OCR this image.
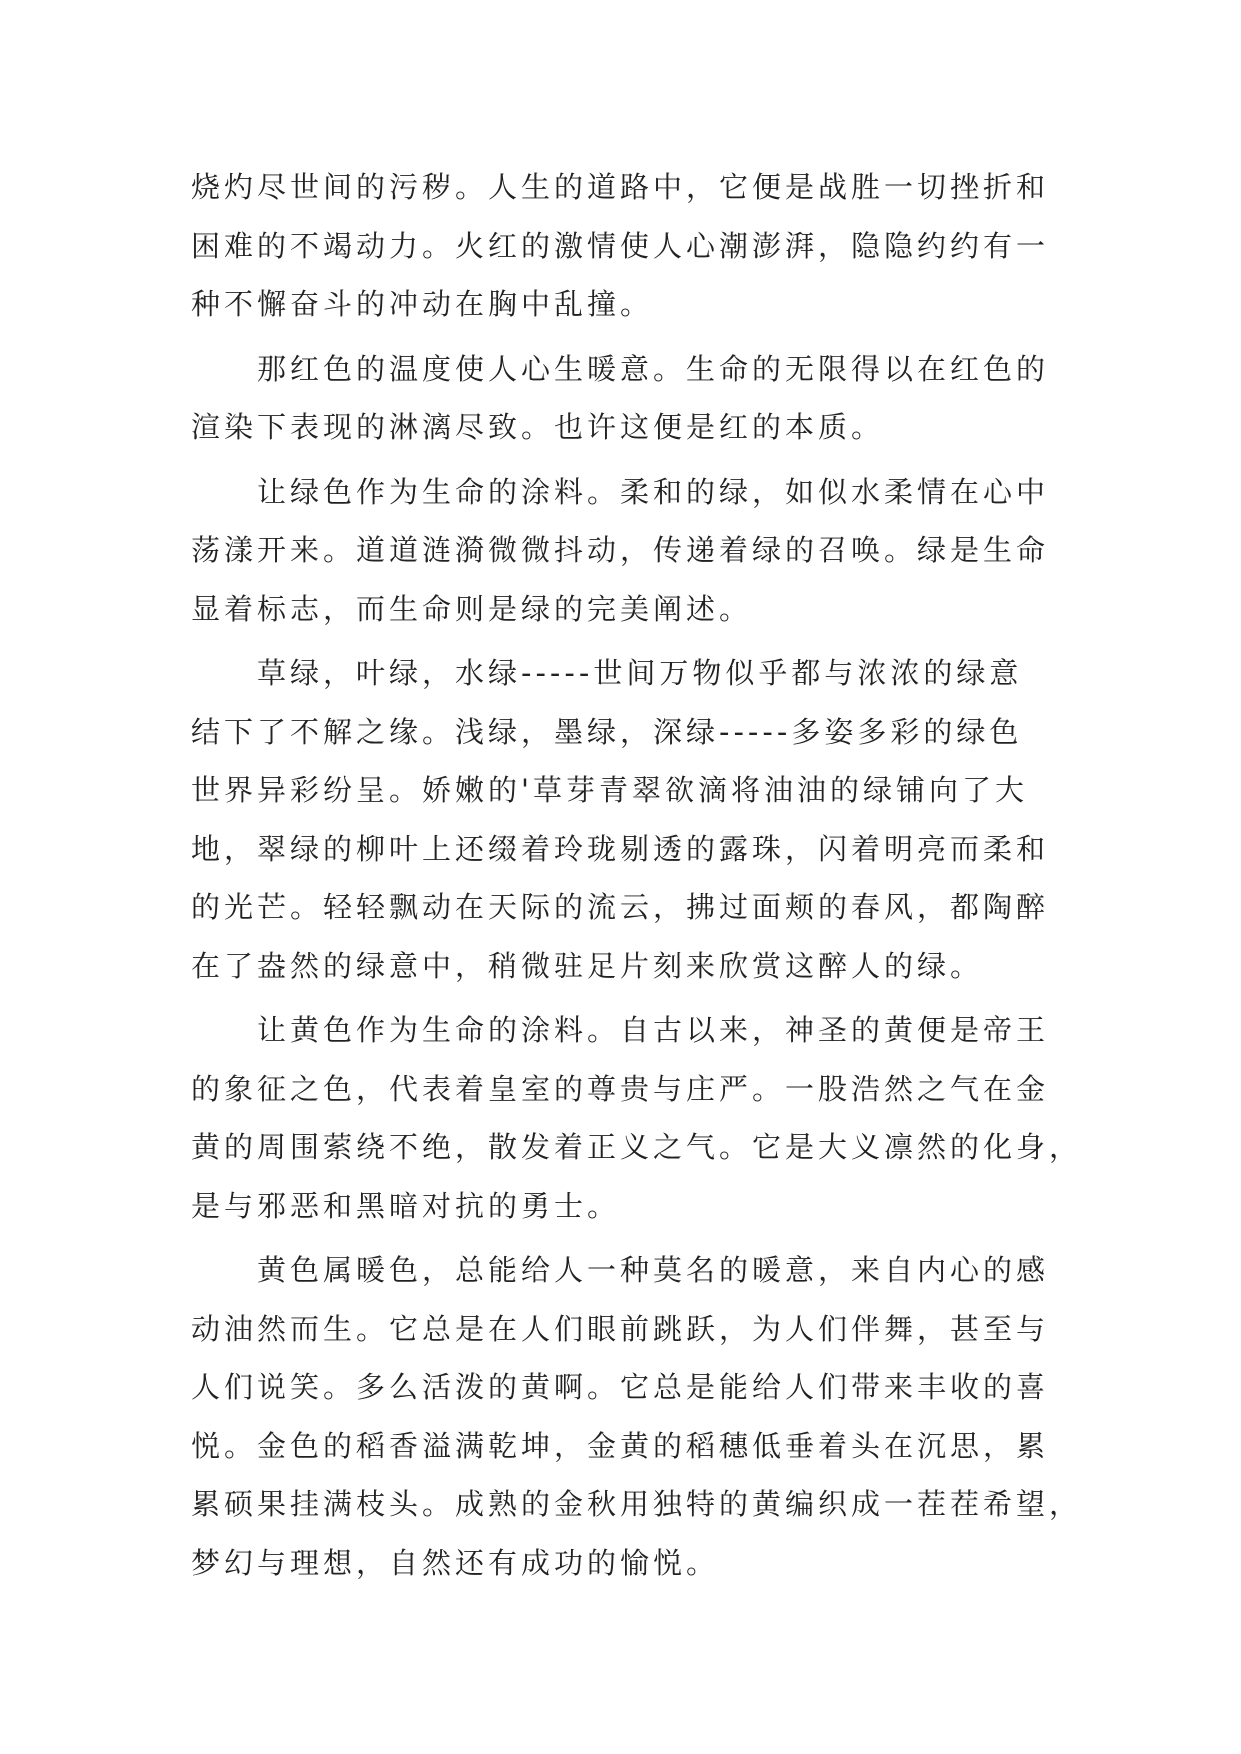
烧灼尽世间的污秽。人生的道路中，它便是战胜一切挫折和
困难的不竭动力。火红的激情使人心潮澎湃，隐隐约约有一
种不懈奋斗的冲动在胸中乱撞。
那红色的温度使人心生暖意。生命的无限得以在红色的
渲染下表现的淋漓尽致。也许这便是红的本质。
让绿色作为生命的涂料。柔和的绿，如似水柔情在心中
荡漾开来。道道涟漪微微抖动，传递着绿的召唤。绿是生命
显着标志，而生命则是绿的完美阐述。
草绿，叶绿，水绿-----世间万物似乎都与浓浓的绿意
结下了不解之缘。浅绿，墨绿，深绿-----多姿多彩的绿色
世界异彩纷呈。娇嫩的'草芽青翠欲滴将油油的绿铺向了大
地，翠绿的柳叶上还缀着玲珑剔透的露珠，闪着明亮而柔和
的光芒。轻轻飘动在天际的流云，拂过面颊的春风，都陶醉
在了盎然的绿意中，稍微驻足片刻来欣赏这醉人的绿。
让黄色作为生命的涂料。自古以来，神圣的黄便是帝王
的象征之色，代表着皇室的尊贵与庄严。一股浩然之气在金
黄的周围萦绕不绝，散发着正义之气。它是大义凛然的化身，
是与邪恶和黑暗对抗的勇士。
黄色属暖色，总能给人一种莫名的暖意，来自内心的感
动油然而生。它总是在人们眼前跳跃，为人们伴舞，甚至与
人们说笑。多么活泼的黄啊。它总是能给人们带来丰收的喜
悦。金色的稻香溢满乾坤，金黄的稻穗低垂着头在沉思，累
累硕果挂满枝头。成熟的金秋用独特的黄编织成一茬茬希望，
梦幻与理想，自然还有成功的愉悦。
